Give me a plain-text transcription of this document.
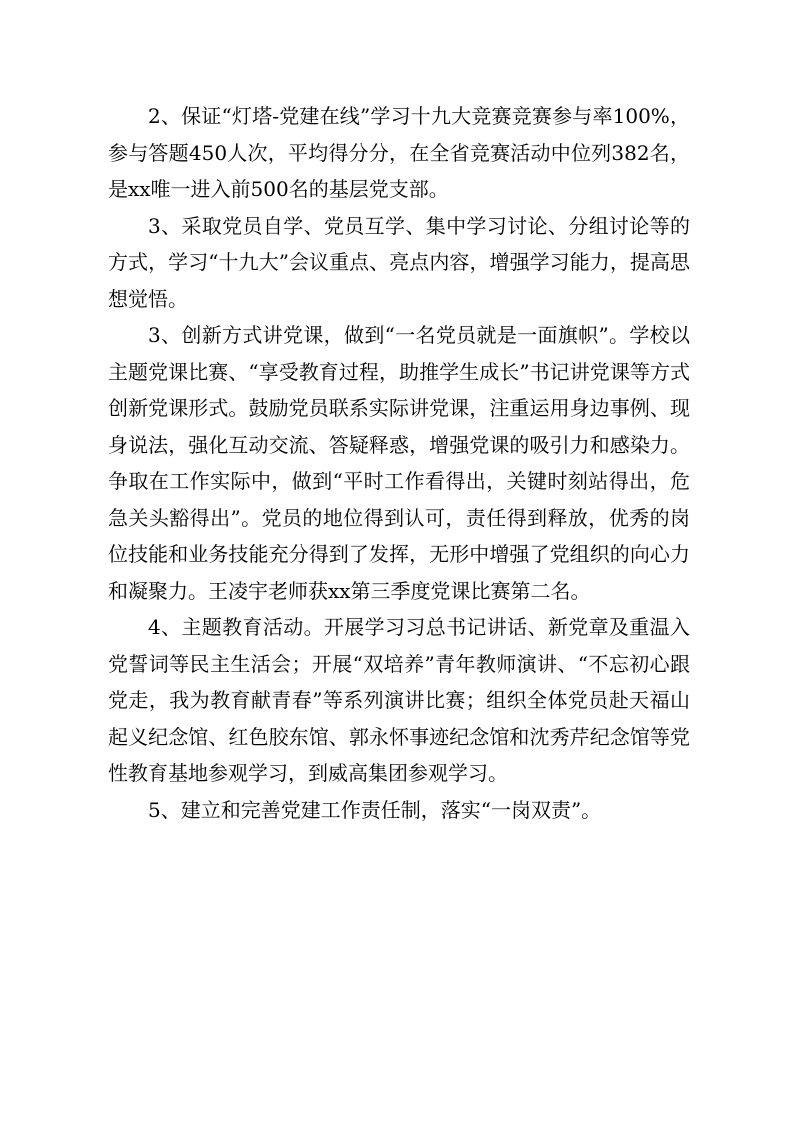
2、保证“灯塔-党建在线”学习十九大竞赛竞赛参与率100%，参与答题450人次，平均得分分，在全省竞赛活动中位列382名，是xx唯一进入前500名的基层党支部。

3、采取党员自学、党员互学、集中学习讨论、分组讨论等的方式，学习“十九大”会议重点、亮点内容，增强学习能力，提高思想觉悟。

3、创新方式讲党课，做到“一名党员就是一面旗帜”。学校以主题党课比赛、“享受教育过程，助推学生成长”书记讲党课等方式创新党课形式。鼓励党员联系实际讲党课，注重运用身边事例、现身说法，强化互动交流、答疑释惑，增强党课的吸引力和感染力。争取在工作实际中，做到“平时工作看得出，关键时刻站得出，危急关头豁得出”。党员的地位得到认可，责任得到释放，优秀的岗位技能和业务技能充分得到了发挥，无形中增强了党组织的向心力和凝聚力。王凌宇老师获xx第三季度党课比赛第二名。

4、主题教育活动。开展学习习总书记讲话、新党章及重温入党誓词等民主生活会；开展“双培养”青年教师演讲、“不忘初心跟党走，我为教育献青春”等系列演讲比赛；组织全体党员赴天福山起义纪念馆、红色胶东馆、郭永怀事迹纪念馆和沈秀芹纪念馆等党性教育基地参观学习，到威高集团参观学习。

5、建立和完善党建工作责任制，落实“一岗双责”。
